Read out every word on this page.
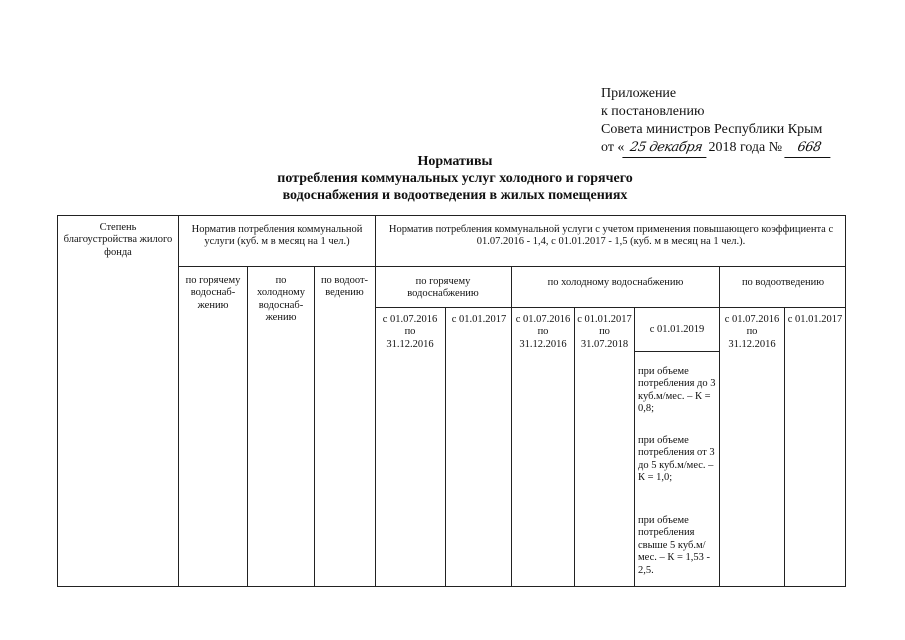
Приложение
к постановлению
Совета министров Республики Крым
от « 25 декабря 2018 года № 668
Нормативы
потребления коммунальных услуг холодного и горячего
водоснабжения и водоотведения в жилых помещениях
Степень благоустройства жилого фонда
Норматив потребления коммунальной услуги (куб. м в месяц на 1 чел.)
Норматив потребления коммунальной услуги с учетом применения повышающего коэффициента с 01.07.2016 - 1,4, с 01.01.2017 - 1,5 (куб. м в месяц на 1 чел.).
по горячему водоснаб-жению
по холодному водоснаб-жению
по водоот-ведению
по горячему водоснабжению
по холодному водоснабжению	по водоотведению
с 01.07.2016 по 31.12.2016
с 01.01.2017 с 01.07.2016 по 31.12.2016
с 01.01.2017 по 31.07.2018
с 01.01.2019
с 01.07.2016 по 31.12.2016
с 01.01.2017
при объеме потребления до 3 куб.м/мес. – К = 0,8;
при объеме потребления от 3 до 5 куб.м/мес. – К = 1,0;
при объеме потребления свыше 5 куб.м/мес. – К = 1,53 - 2,5.
